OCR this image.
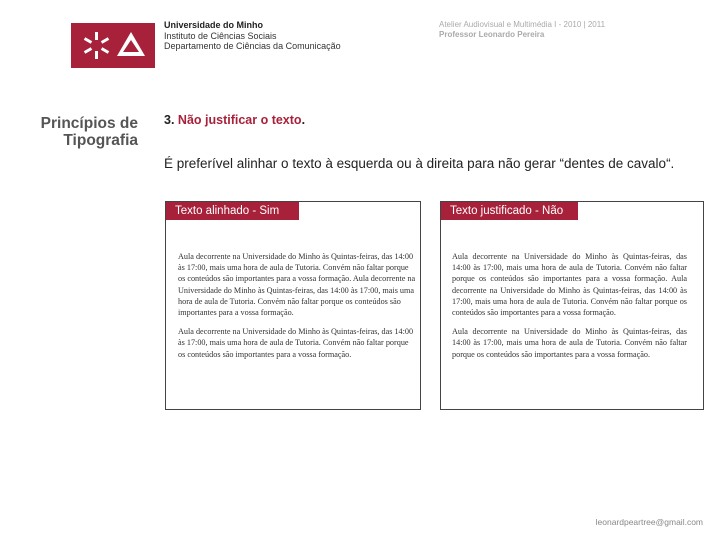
Universidade do Minho
Instituto de Ciências Sociais
Departamento de Ciências da Comunicação
Atelier Audiovisual e Multimédia I - 2010 | 2011
Professor Leonardo Pereira
Princípios de
Tipografia
3. Não justificar o texto.
É preferível alinhar o texto à esquerda ou à direita para não gerar “dentes de cavalo“.
Texto alinhado - Sim

Aula decorrente na Universidade do Minho às Quintas-feiras, das 14:00 às 17:00, mais uma hora de aula de Tutoria. Convém não faltar porque os conteúdos são importantes para a vossa formação. Aula decorrente na Universidade do Minho às Quintas-feiras, das 14:00 às 17:00, mais uma hora de aula de Tutoria. Convém não faltar porque os conteúdos são importantes para a vossa formação.

Aula decorrente na Universidade do Minho às Quintas-feiras, das 14:00 às 17:00, mais uma hora de aula de Tutoria. Convém não faltar porque os conteúdos são importantes para a vossa formação.

Texto justificado - Não

Aula decorrente na Universidade do Minho às Quintas-feiras, das 14:00 às 17:00, mais uma hora de aula de Tutoria. Convém não faltar porque os conteúdos são importantes para a vossa formação. Aula decorrente na Universidade do Minho às Quintas-feiras, das 14:00 às 17:00, mais uma hora de aula de Tutoria. Convém não faltar porque os conteúdos são importantes para a vossa formação.

Aula decorrente na Universidade do Minho às Quintas-feiras, das 14:00 às 17:00, mais uma hora de aula de Tutoria. Convém não faltar porque os conteúdos são importantes para a vossa formação.

leonardpeartree@gmail.com
